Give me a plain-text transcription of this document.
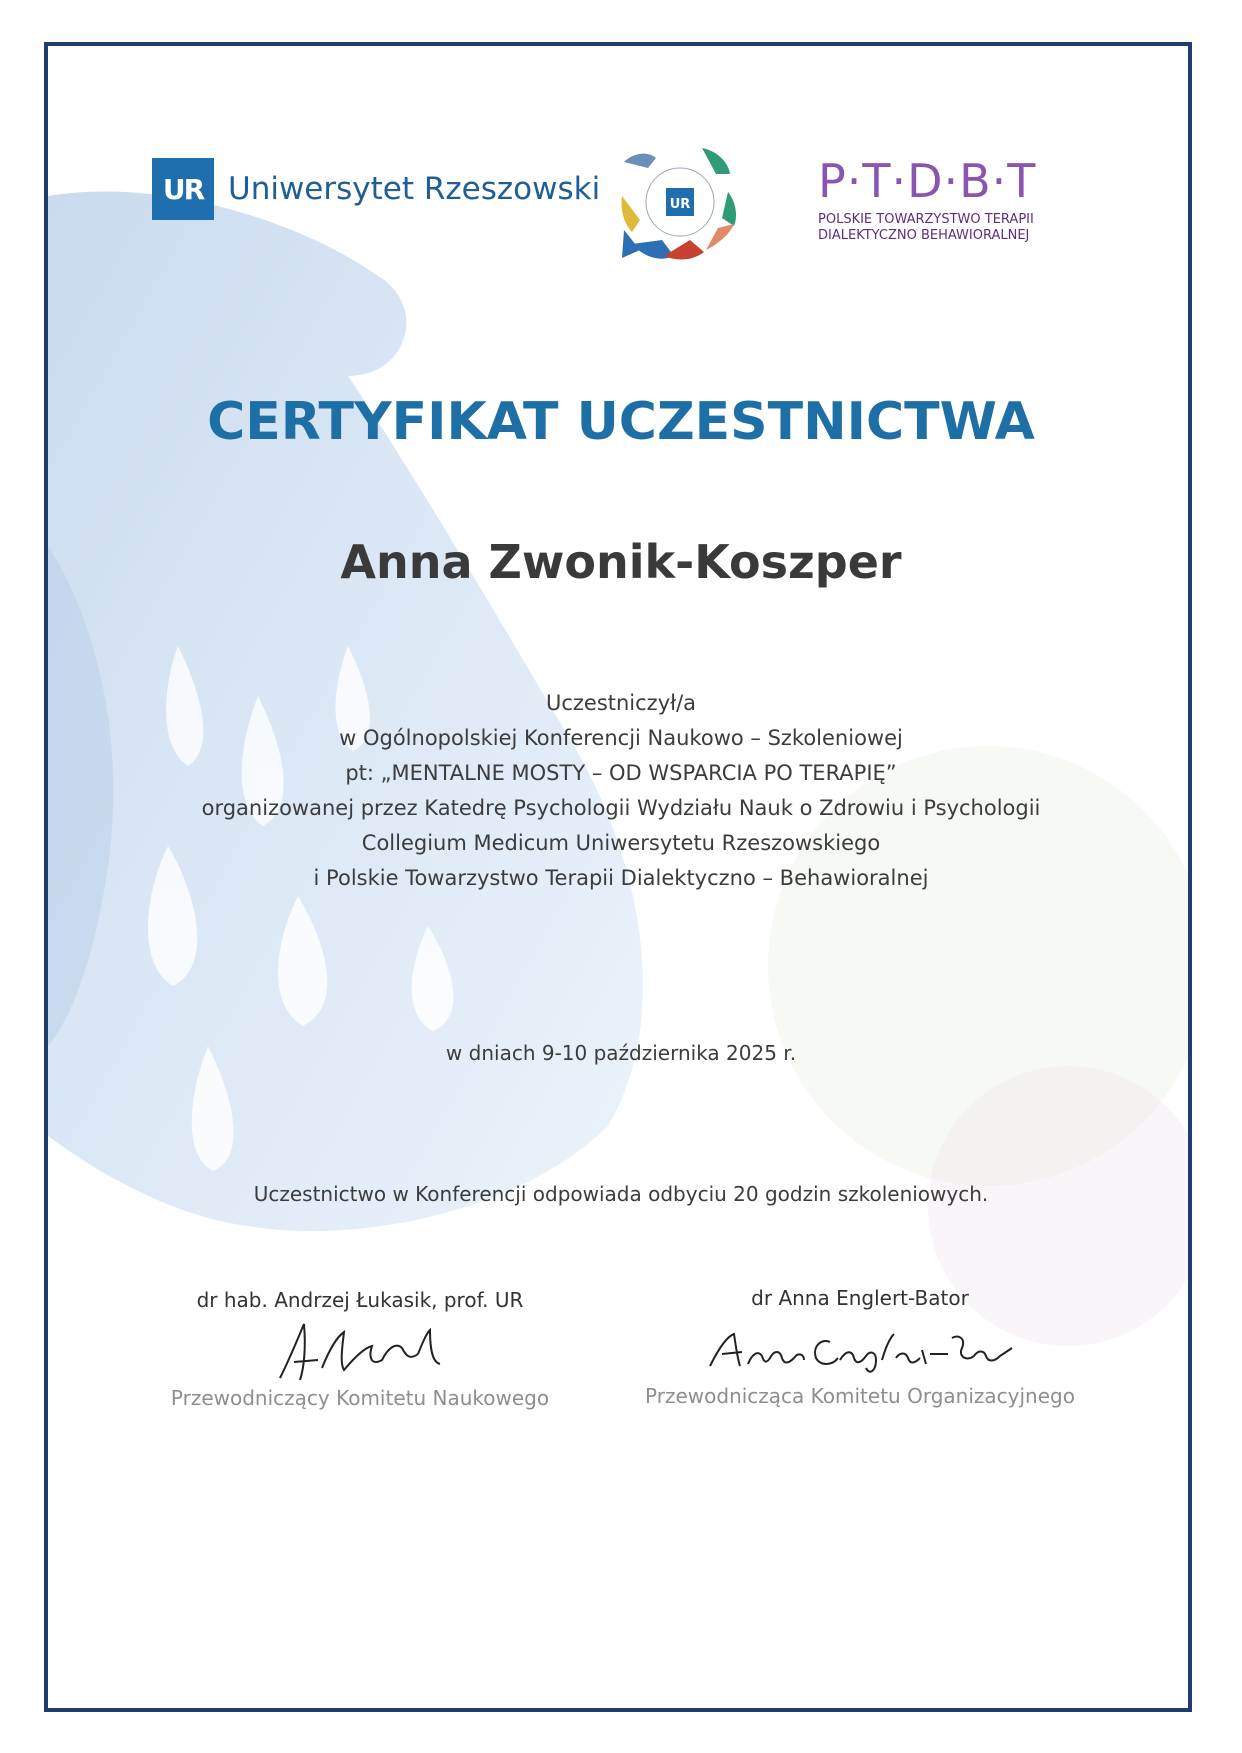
UR Uniwersytet Rzeszowski	UR	P·T·D·B·T
POLSKIE TOWARZYSTWO TERAPII
DIALEKTYCZNO BEHAWIORALNEJ
CERTYFIKAT UCZESTNICTWA
Anna Zwonik-Koszper
Uczestniczył/a
w Ogólnopolskiej Konferencji Naukowo – Szkoleniowej
pt: „MENTALNE MOSTY – OD WSPARCIA PO TERAPIĘ”
organizowanej przez Katedrę Psychologii Wydziału Nauk o Zdrowiu i Psychologii
Collegium Medicum Uniwersytetu Rzeszowskiego
i Polskie Towarzystwo Terapii Dialektyczno – Behawioralnej
w dniach 9-10 października 2025 r.
Uczestnictwo w Konferencji odpowiada odbyciu 20 godzin szkoleniowych.
dr hab. Andrzej Łukasik, prof. UR
Przewodniczący Komitetu Naukowego
dr Anna Englert-Bator
Przewodnicząca Komitetu Organizacyjnego
